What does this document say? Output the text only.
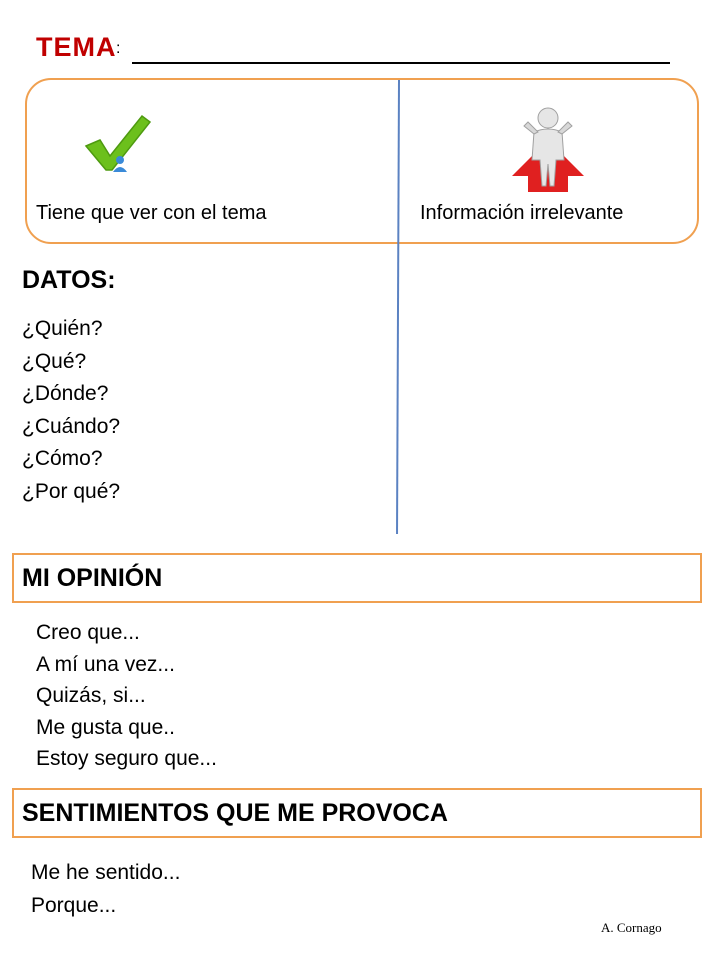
TEMA :
Tiene que ver con el tema	Información irrelevante
DATOS:
¿Quién?
¿Qué?
¿Dónde?
¿Cuándo?
¿Cómo?
¿Por qué?
MI OPINIÓN
Creo que...
A mí una vez...
Quizás, si...
Me gusta que..
Estoy seguro que...
SENTIMIENTOS QUE ME PROVOCA
Me he sentido...
Porque...
A. Cornago
